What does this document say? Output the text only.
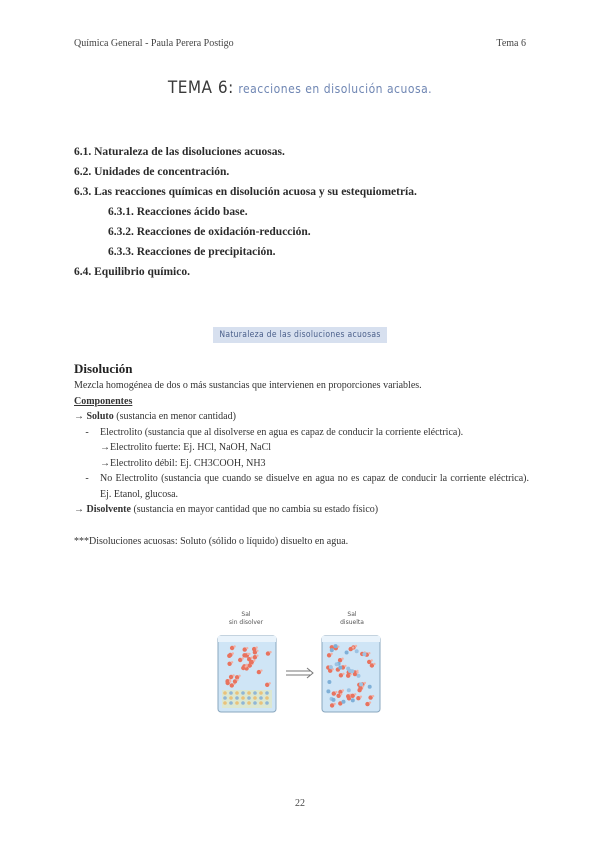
Química General - Paula Perera Postigo	Tema 6
TEMA 6: reacciones en disolución acuosa.
6.1. Naturaleza de las disoluciones acuosas.
6.2. Unidades de concentración.
6.3. Las reacciones químicas en disolución acuosa y su estequiometría.
6.3.1. Reacciones ácido base.
6.3.2. Reacciones de oxidación-reducción.
6.3.3. Reacciones de precipitación.
6.4. Equilibrio químico.
Naturaleza de las disoluciones acuosas
Disolución
Mezcla homogénea de dos o más sustancias que intervienen en proporciones variables.
Componentes
→ Soluto (sustancia en menor cantidad)
-	Electrolito (sustancia que al disolverse en agua es capaz de conducir la corriente eléctrica).
→Electrolito fuerte: Ej. HCl, NaOH, NaCl
→Electrolito débil: Ej. CH3COOH, NH3
-	No Electrolito (sustancia que cuando se disuelve en agua no es capaz de conducir la corriente eléctrica). Ej. Etanol, glucosa.
→ Disolvente (sustancia en mayor cantidad que no cambia su estado físico)
***Disoluciones acuosas: Soluto (sólido o líquido) disuelto en agua.
Sal
sin disolver
Sal
disuelta
22
